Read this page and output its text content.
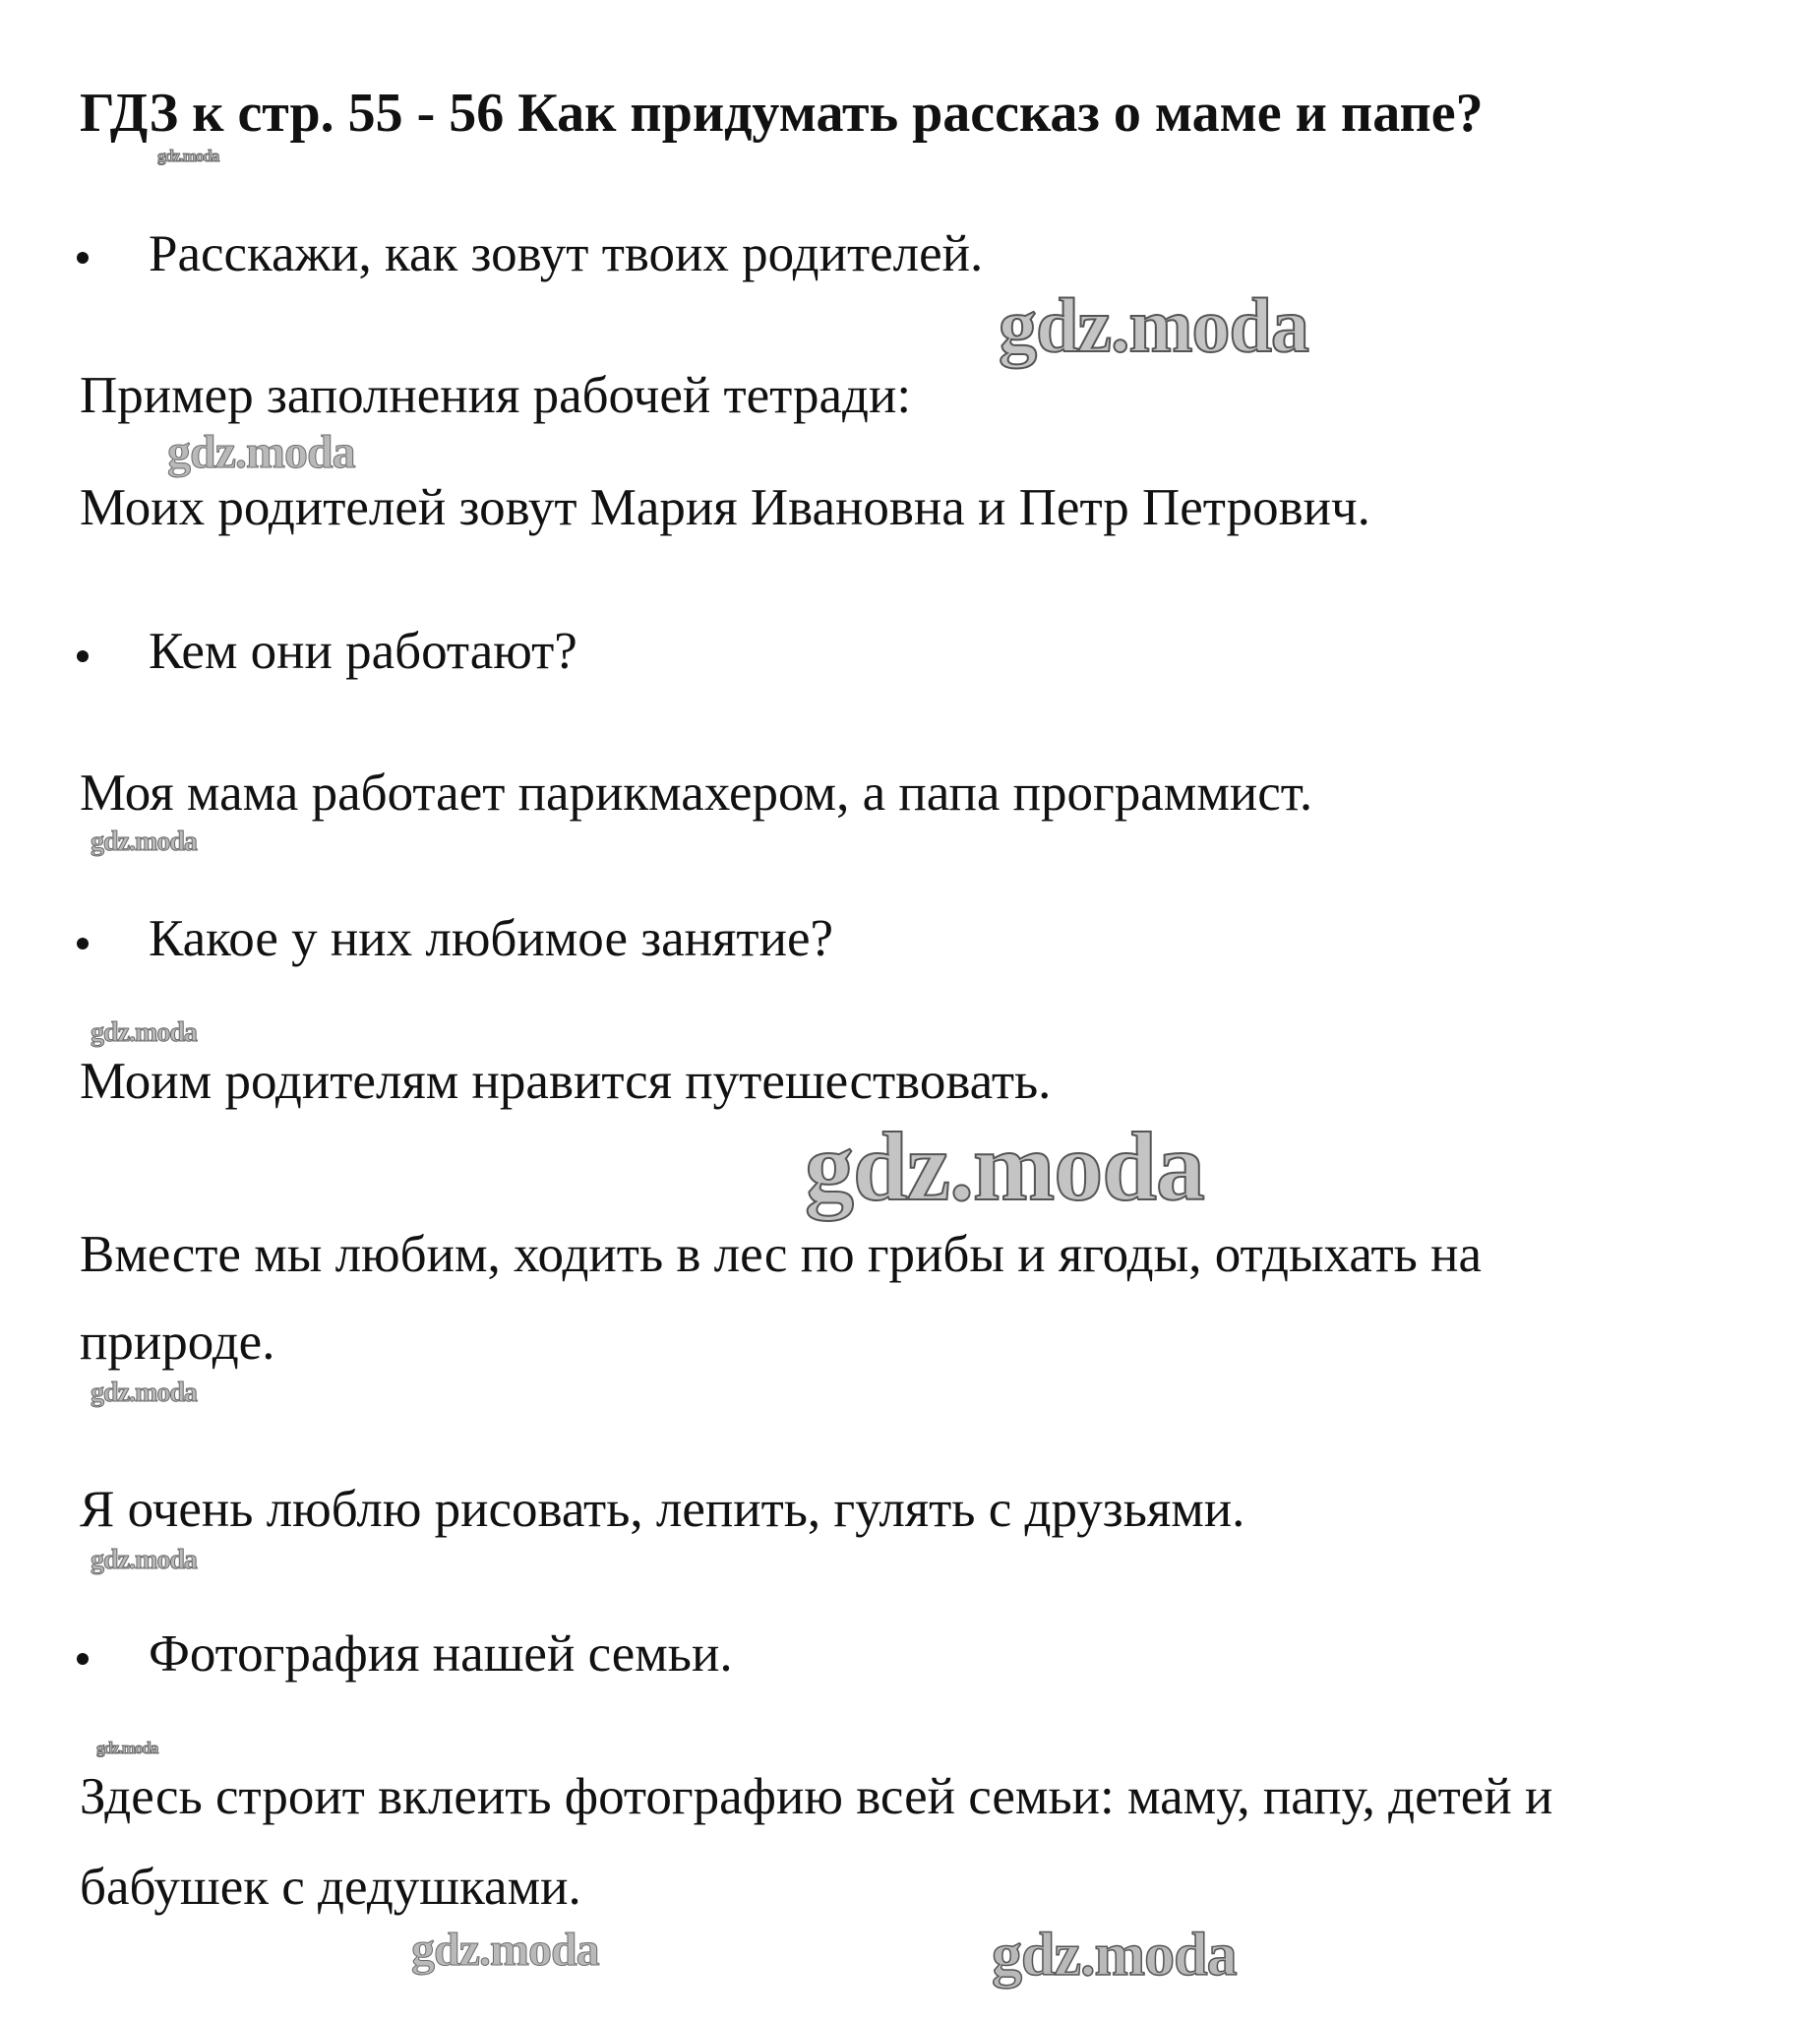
ГДЗ к стр. 55 - 56 Как придумать рассказ о маме и папе?
Расскажи, как зовут твоих родителей.
Пример заполнения рабочей тетради:
Моих родителей зовут Мария Ивановна и Петр Петрович.
Кем они работают?
Моя мама работает парикмахером, а папа программист.
Какое у них любимое занятие?
Моим родителям нравится путешествовать.
Вместе мы любим, ходить в лес по грибы и ягоды, отдыхать на
природе.
Я очень люблю рисовать, лепить, гулять с друзьями.
Фотография нашей семьи.
Здесь строит вклеить фотографию всей семьи: маму, папу, детей и
бабушек с дедушками.
gdz.moda
gdz.moda
gdz.moda
gdz.moda
gdz.moda
gdz.moda
gdz.moda
gdz.moda
gdz.moda
gdz.moda	gdz.moda
